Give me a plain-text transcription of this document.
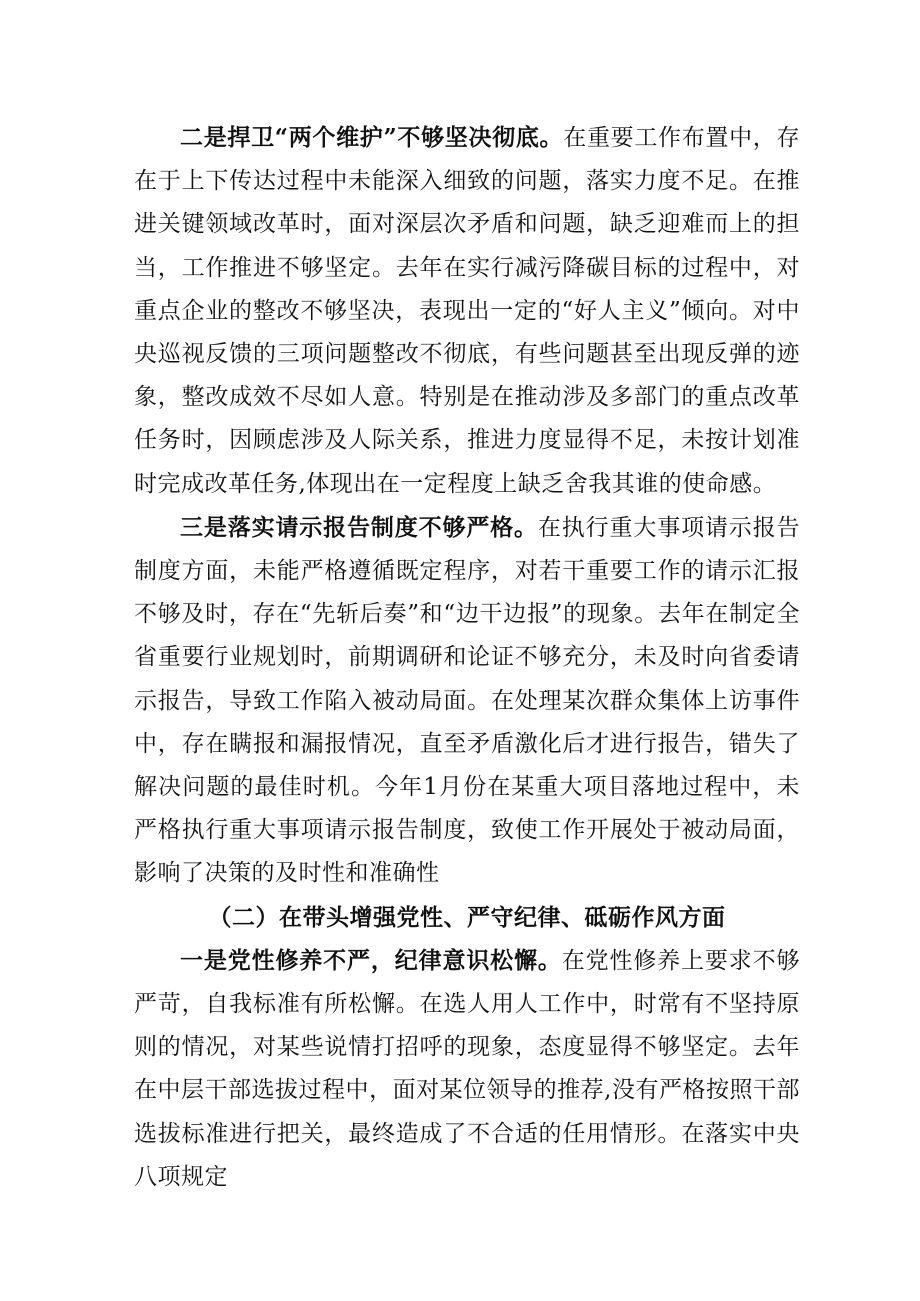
二是捍卫“两个维护”不够坚决彻底。在重要工作布置中，存在于上下传达过程中未能深入细致的问题，落实力度不足。在推进关键领域改革时，面对深层次矛盾和问题，缺乏迎难而上的担当，工作推进不够坚定。去年在实行减污降碳目标的过程中，对重点企业的整改不够坚决，表现出一定的“好人主义”倾向。对中央巡视反馈的三项问题整改不彻底，有些问题甚至出现反弹的迹象，整改成效不尽如人意。特别是在推动涉及多部门的重点改革任务时，因顾虑涉及人际关系，推进力度显得不足，未按计划准时完成改革任务,体现出在一定程度上缺乏舍我其谁的使命感。

三是落实请示报告制度不够严格。在执行重大事项请示报告制度方面，未能严格遵循既定程序，对若干重要工作的请示汇报不够及时，存在“先斩后奏”和“边干边报”的现象。去年在制定全省重要行业规划时，前期调研和论证不够充分，未及时向省委请示报告，导致工作陷入被动局面。在处理某次群众集体上访事件中，存在瞒报和漏报情况，直至矛盾激化后才进行报告，错失了解决问题的最佳时机。今年1月份在某重大项目落地过程中，未严格执行重大事项请示报告制度，致使工作开展处于被动局面，影响了决策的及时性和准确性

（二）在带头增强党性、严守纪律、砥砺作风方面

一是党性修养不严，纪律意识松懈。在党性修养上要求不够严苛，自我标准有所松懈。在选人用人工作中，时常有不坚持原则的情况，对某些说情打招呼的现象，态度显得不够坚定。去年在中层干部选拔过程中，面对某位领导的推荐,没有严格按照干部选拔标准进行把关，最终造成了不合适的任用情形。在落实中央八项规定
